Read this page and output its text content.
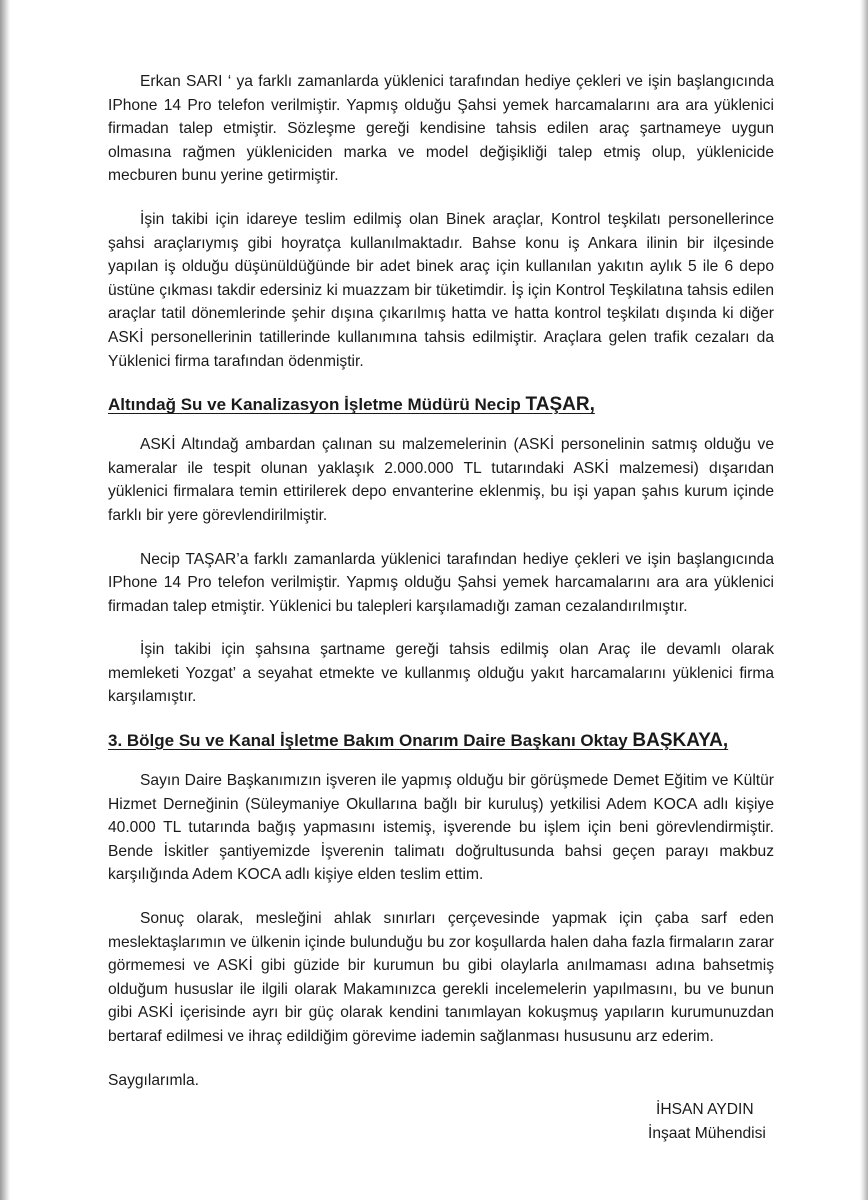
Erkan SARI ‘ ya farklı zamanlarda yüklenici tarafından hediye çekleri ve işin başlangıcında IPhone 14 Pro telefon verilmiştir. Yapmış olduğu Şahsi yemek harcamalarını ara ara yüklenici firmadan talep etmiştir. Sözleşme gereği kendisine tahsis edilen araç şartnameye uygun olmasına rağmen yükleniciden marka ve model değişikliği talep etmiş olup, yüklenicide mecburen bunu yerine getirmiştir.

İşin takibi için idareye teslim edilmiş olan Binek araçlar, Kontrol teşkilatı personellerince şahsi araçlarıymış gibi hoyratça kullanılmaktadır. Bahse konu iş Ankara ilinin bir ilçesinde yapılan iş olduğu düşünüldüğünde bir adet binek araç için kullanılan yakıtın aylık 5 ile 6 depo üstüne çıkması takdir edersiniz ki muazzam bir tüketimdir. İş için Kontrol Teşkilatına tahsis edilen araçlar tatil dönemlerinde şehir dışına çıkarılmış hatta ve hatta kontrol teşkilatı dışında ki diğer ASKİ personellerinin tatillerinde kullanımına tahsis edilmiştir. Araçlara gelen trafik cezaları da Yüklenici firma tarafından ödenmiştir.

Altındağ Su ve Kanalizasyon İşletme Müdürü Necip TAŞAR,

ASKİ Altındağ ambardan çalınan su malzemelerinin (ASKİ personelinin satmış olduğu ve kameralar ile tespit olunan yaklaşık 2.000.000 TL tutarındaki ASKİ malzemesi) dışarıdan yüklenici firmalara temin ettirilerek depo envanterine eklenmiş, bu işi yapan şahıs kurum içinde farklı bir yere görevlendirilmiştir.

Necip TAŞAR’a farklı zamanlarda yüklenici tarafından hediye çekleri ve işin başlangıcında IPhone 14 Pro telefon verilmiştir. Yapmış olduğu Şahsi yemek harcamalarını ara ara yüklenici firmadan talep etmiştir. Yüklenici bu talepleri karşılamadığı zaman cezalandırılmıştır.

İşin takibi için şahsına şartname gereği tahsis edilmiş olan Araç ile devamlı olarak memleketi Yozgat’ a seyahat etmekte ve kullanmış olduğu yakıt harcamalarını yüklenici firma karşılamıştır.

3. Bölge Su ve Kanal İşletme Bakım Onarım Daire Başkanı Oktay BAŞKAYA,

Sayın Daire Başkanımızın işveren ile yapmış olduğu bir görüşmede Demet Eğitim ve Kültür Hizmet Derneğinin (Süleymaniye Okullarına bağlı bir kuruluş) yetkilisi Adem KOCA adlı kişiye 40.000 TL tutarında bağış yapmasını istemiş, işverende bu işlem için beni görevlendirmiştir. Bende İskitler şantiyemizde İşverenin talimatı doğrultusunda bahsi geçen parayı makbuz karşılığında Adem KOCA adlı kişiye elden teslim ettim.

Sonuç olarak, mesleğini ahlak sınırları çerçevesinde yapmak için çaba sarf eden meslektaşlarımın ve ülkenin içinde bulunduğu bu zor koşullarda halen daha fazla firmaların zarar görmemesi ve ASKİ gibi güzide bir kurumun bu gibi olaylarla anılmaması adına bahsetmiş olduğum hususlar ile ilgili olarak Makamınızca gerekli incelemelerin yapılmasını, bu ve bunun gibi ASKİ içerisinde ayrı bir güç olarak kendini tanımlayan kokuşmuş yapıların kurumunuzdan bertaraf edilmesi ve ihraç edildiğim görevime iademin sağlanması hususunu arz ederim.

Saygılarımla.

İHSAN AYDIN
İnşaat Mühendisi
